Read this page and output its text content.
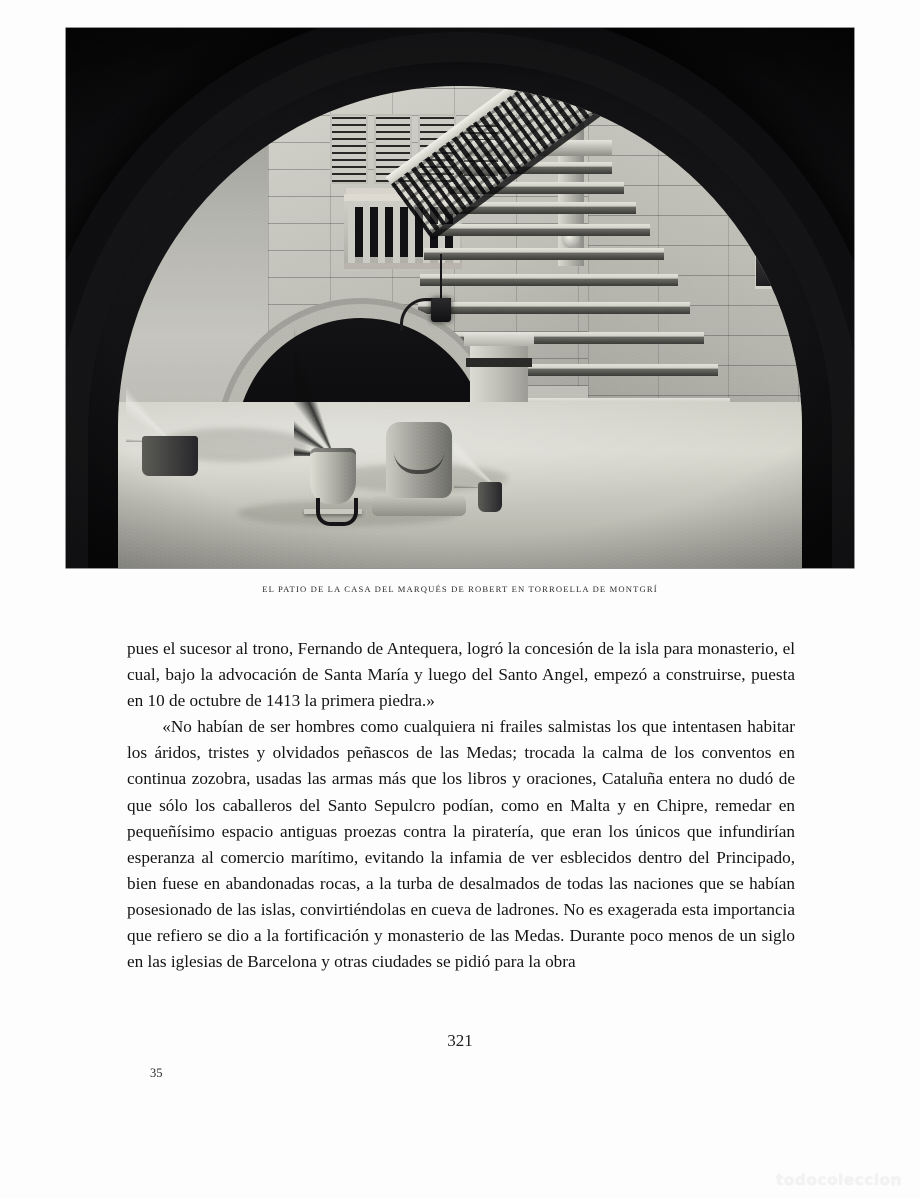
EL PATIO DE LA CASA DEL MARQUÉS DE ROBERT EN TORROELLA DE MONTGRÍ

pues el sucesor al trono, Fernando de Antequera, logró la concesión de la isla para monasterio, el cual, bajo la advocación de Santa María y luego del Santo Angel, empezó a construirse, puesta en 10 de octubre de 1413 la primera piedra.»

«No habían de ser hombres como cualquiera ni frailes salmistas los que intentasen habitar los áridos, tristes y olvidados peñascos de las Medas; trocada la calma de los conventos en continua zozobra, usadas las armas más que los libros y oraciones, Cataluña entera no dudó de que sólo los caballeros del Santo Sepulcro podían, como en Malta y en Chipre, remedar en pequeñísimo espacio antiguas proezas contra la piratería, que eran los únicos que infundirían esperanza al comercio marítimo, evitando la infamia de ver esblecidos dentro del Principado, bien fuese en abandonadas rocas, a la turba de desalmados de todas las naciones que se habían posesionado de las islas, convirtiéndolas en cueva de ladrones. No es exagerada esta importancia que refiero se dio a la fortificación y monasterio de las Medas. Durante poco menos de un siglo en las iglesias de Barcelona y otras ciudades se pidió para la obra

321
35
todocoleccion
